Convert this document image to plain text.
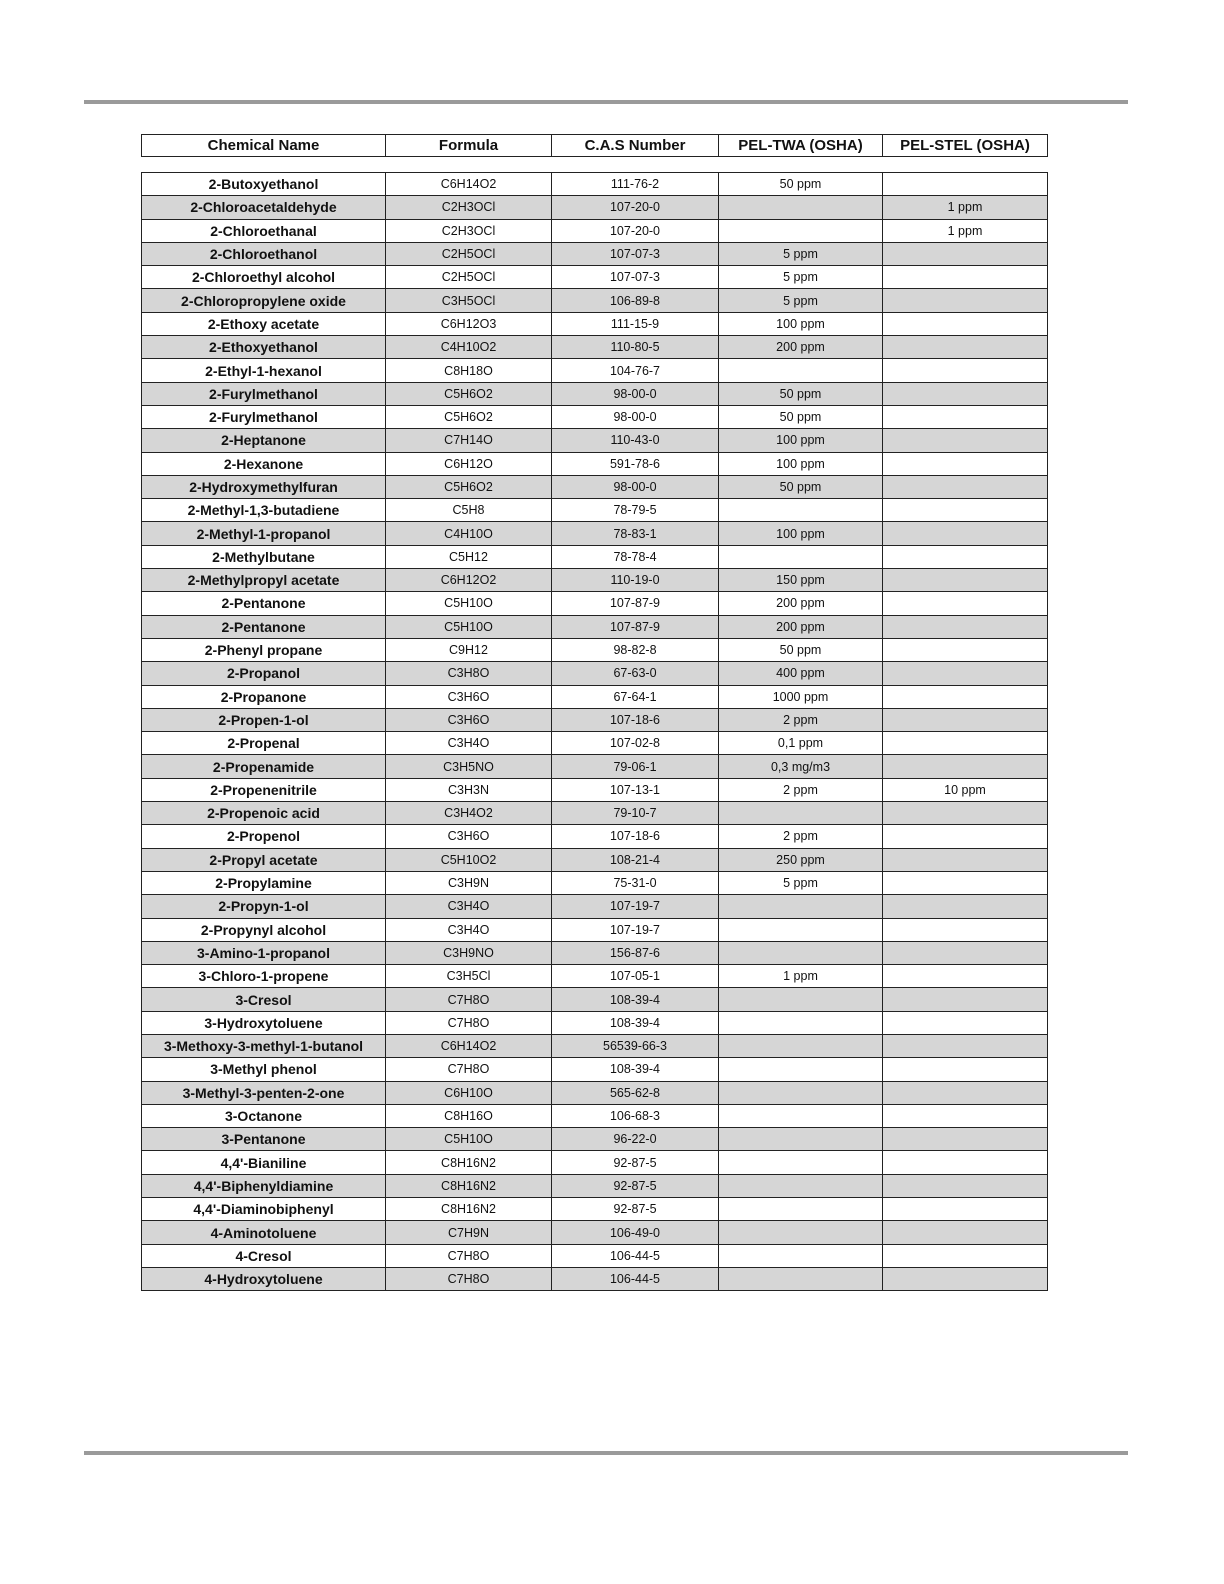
Chemical Name	Formula	C.A.S Number	PEL-TWA (OSHA)	PEL-STEL (OSHA)
2-Butoxyethanol	C6H14O2	111-76-2	50 ppm	
2-Chloroacetaldehyde	C2H3OCl	107-20-0		1 ppm
2-Chloroethanal	C2H3OCl	107-20-0		1 ppm
2-Chloroethanol	C2H5OCl	107-07-3	5 ppm	
2-Chloroethyl alcohol	C2H5OCl	107-07-3	5 ppm	
2-Chloropropylene oxide	C3H5OCl	106-89-8	5 ppm	
2-Ethoxy acetate	C6H12O3	111-15-9	100 ppm	
2-Ethoxyethanol	C4H10O2	110-80-5	200 ppm	
2-Ethyl-1-hexanol	C8H18O	104-76-7		
2-Furylmethanol	C5H6O2	98-00-0	50 ppm	
2-Furylmethanol	C5H6O2	98-00-0	50 ppm	
2-Heptanone	C7H14O	110-43-0	100 ppm	
2-Hexanone	C6H12O	591-78-6	100 ppm	
2-Hydroxymethylfuran	C5H6O2	98-00-0	50 ppm	
2-Methyl-1,3-butadiene	C5H8	78-79-5		
2-Methyl-1-propanol	C4H10O	78-83-1	100 ppm	
2-Methylbutane	C5H12	78-78-4		
2-Methylpropyl acetate	C6H12O2	110-19-0	150 ppm	
2-Pentanone	C5H10O	107-87-9	200 ppm	
2-Pentanone	C5H10O	107-87-9	200 ppm	
2-Phenyl propane	C9H12	98-82-8	50 ppm	
2-Propanol	C3H8O	67-63-0	400 ppm	
2-Propanone	C3H6O	67-64-1	1000 ppm	
2-Propen-1-ol	C3H6O	107-18-6	2 ppm	
2-Propenal	C3H4O	107-02-8	0,1 ppm	
2-Propenamide	C3H5NO	79-06-1	0,3 mg/m3	
2-Propenenitrile	C3H3N	107-13-1	2 ppm	10 ppm
2-Propenoic acid	C3H4O2	79-10-7		
2-Propenol	C3H6O	107-18-6	2 ppm	
2-Propyl acetate	C5H10O2	108-21-4	250 ppm	
2-Propylamine	C3H9N	75-31-0	5 ppm	
2-Propyn-1-ol	C3H4O	107-19-7		
2-Propynyl alcohol	C3H4O	107-19-7		
3-Amino-1-propanol	C3H9NO	156-87-6		
3-Chloro-1-propene	C3H5Cl	107-05-1	1 ppm	
3-Cresol	C7H8O	108-39-4		
3-Hydroxytoluene	C7H8O	108-39-4		
3-Methoxy-3-methyl-1-butanol	C6H14O2	56539-66-3		
3-Methyl phenol	C7H8O	108-39-4		
3-Methyl-3-penten-2-one	C6H10O	565-62-8		
3-Octanone	C8H16O	106-68-3		
3-Pentanone	C5H10O	96-22-0		
4,4'-Bianiline	C8H16N2	92-87-5		
4,4'-Biphenyldiamine	C8H16N2	92-87-5		
4,4'-Diaminobiphenyl	C8H16N2	92-87-5		
4-Aminotoluene	C7H9N	106-49-0		
4-Cresol	C7H8O	106-44-5		
4-Hydroxytoluene	C7H8O	106-44-5		
